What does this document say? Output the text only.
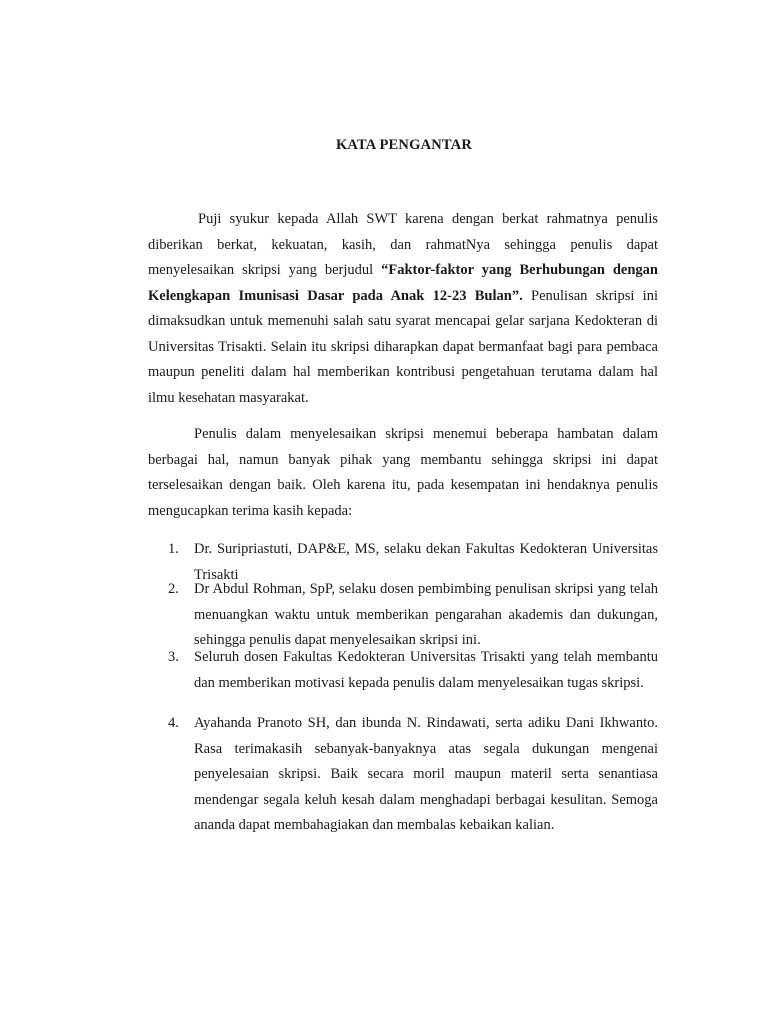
KATA PENGANTAR
Puji syukur kepada Allah SWT karena dengan berkat rahmatnya penulis diberikan berkat, kekuatan, kasih, dan rahmatNya sehingga penulis dapat menyelesaikan skripsi yang berjudul “Faktor-faktor yang Berhubungan dengan Kelengkapan Imunisasi Dasar pada Anak 12-23 Bulan”. Penulisan skripsi ini dimaksudkan untuk memenuhi salah satu syarat mencapai gelar sarjana Kedokteran di Universitas Trisakti. Selain itu skripsi diharapkan dapat bermanfaat bagi para pembaca maupun peneliti dalam hal memberikan kontribusi pengetahuan terutama dalam hal ilmu kesehatan masyarakat.
Penulis dalam menyelesaikan skripsi menemui beberapa hambatan dalam berbagai hal, namun banyak pihak yang membantu sehingga skripsi ini dapat terselesaikan dengan baik. Oleh karena itu, pada kesempatan ini hendaknya penulis mengucapkan terima kasih kepada:
1. Dr. Suripriastuti, DAP&E, MS, selaku dekan Fakultas Kedokteran Universitas Trisakti
2. Dr Abdul Rohman, SpP, selaku dosen pembimbing penulisan skripsi yang telah menuangkan waktu untuk memberikan pengarahan akademis dan dukungan, sehingga penulis dapat menyelesaikan skripsi ini.
3. Seluruh dosen Fakultas Kedokteran Universitas Trisakti yang telah membantu dan memberikan motivasi kepada penulis dalam menyelesaikan tugas skripsi.
4. Ayahanda Pranoto SH, dan ibunda N. Rindawati, serta adiku Dani Ikhwanto. Rasa terimakasih sebanyak-banyaknya atas segala dukungan mengenai penyelesaian skripsi. Baik secara moril maupun materil serta senantiasa mendengar segala keluh kesah dalam menghadapi berbagai kesulitan. Semoga ananda dapat membahagiakan dan membalas kebaikan kalian.
